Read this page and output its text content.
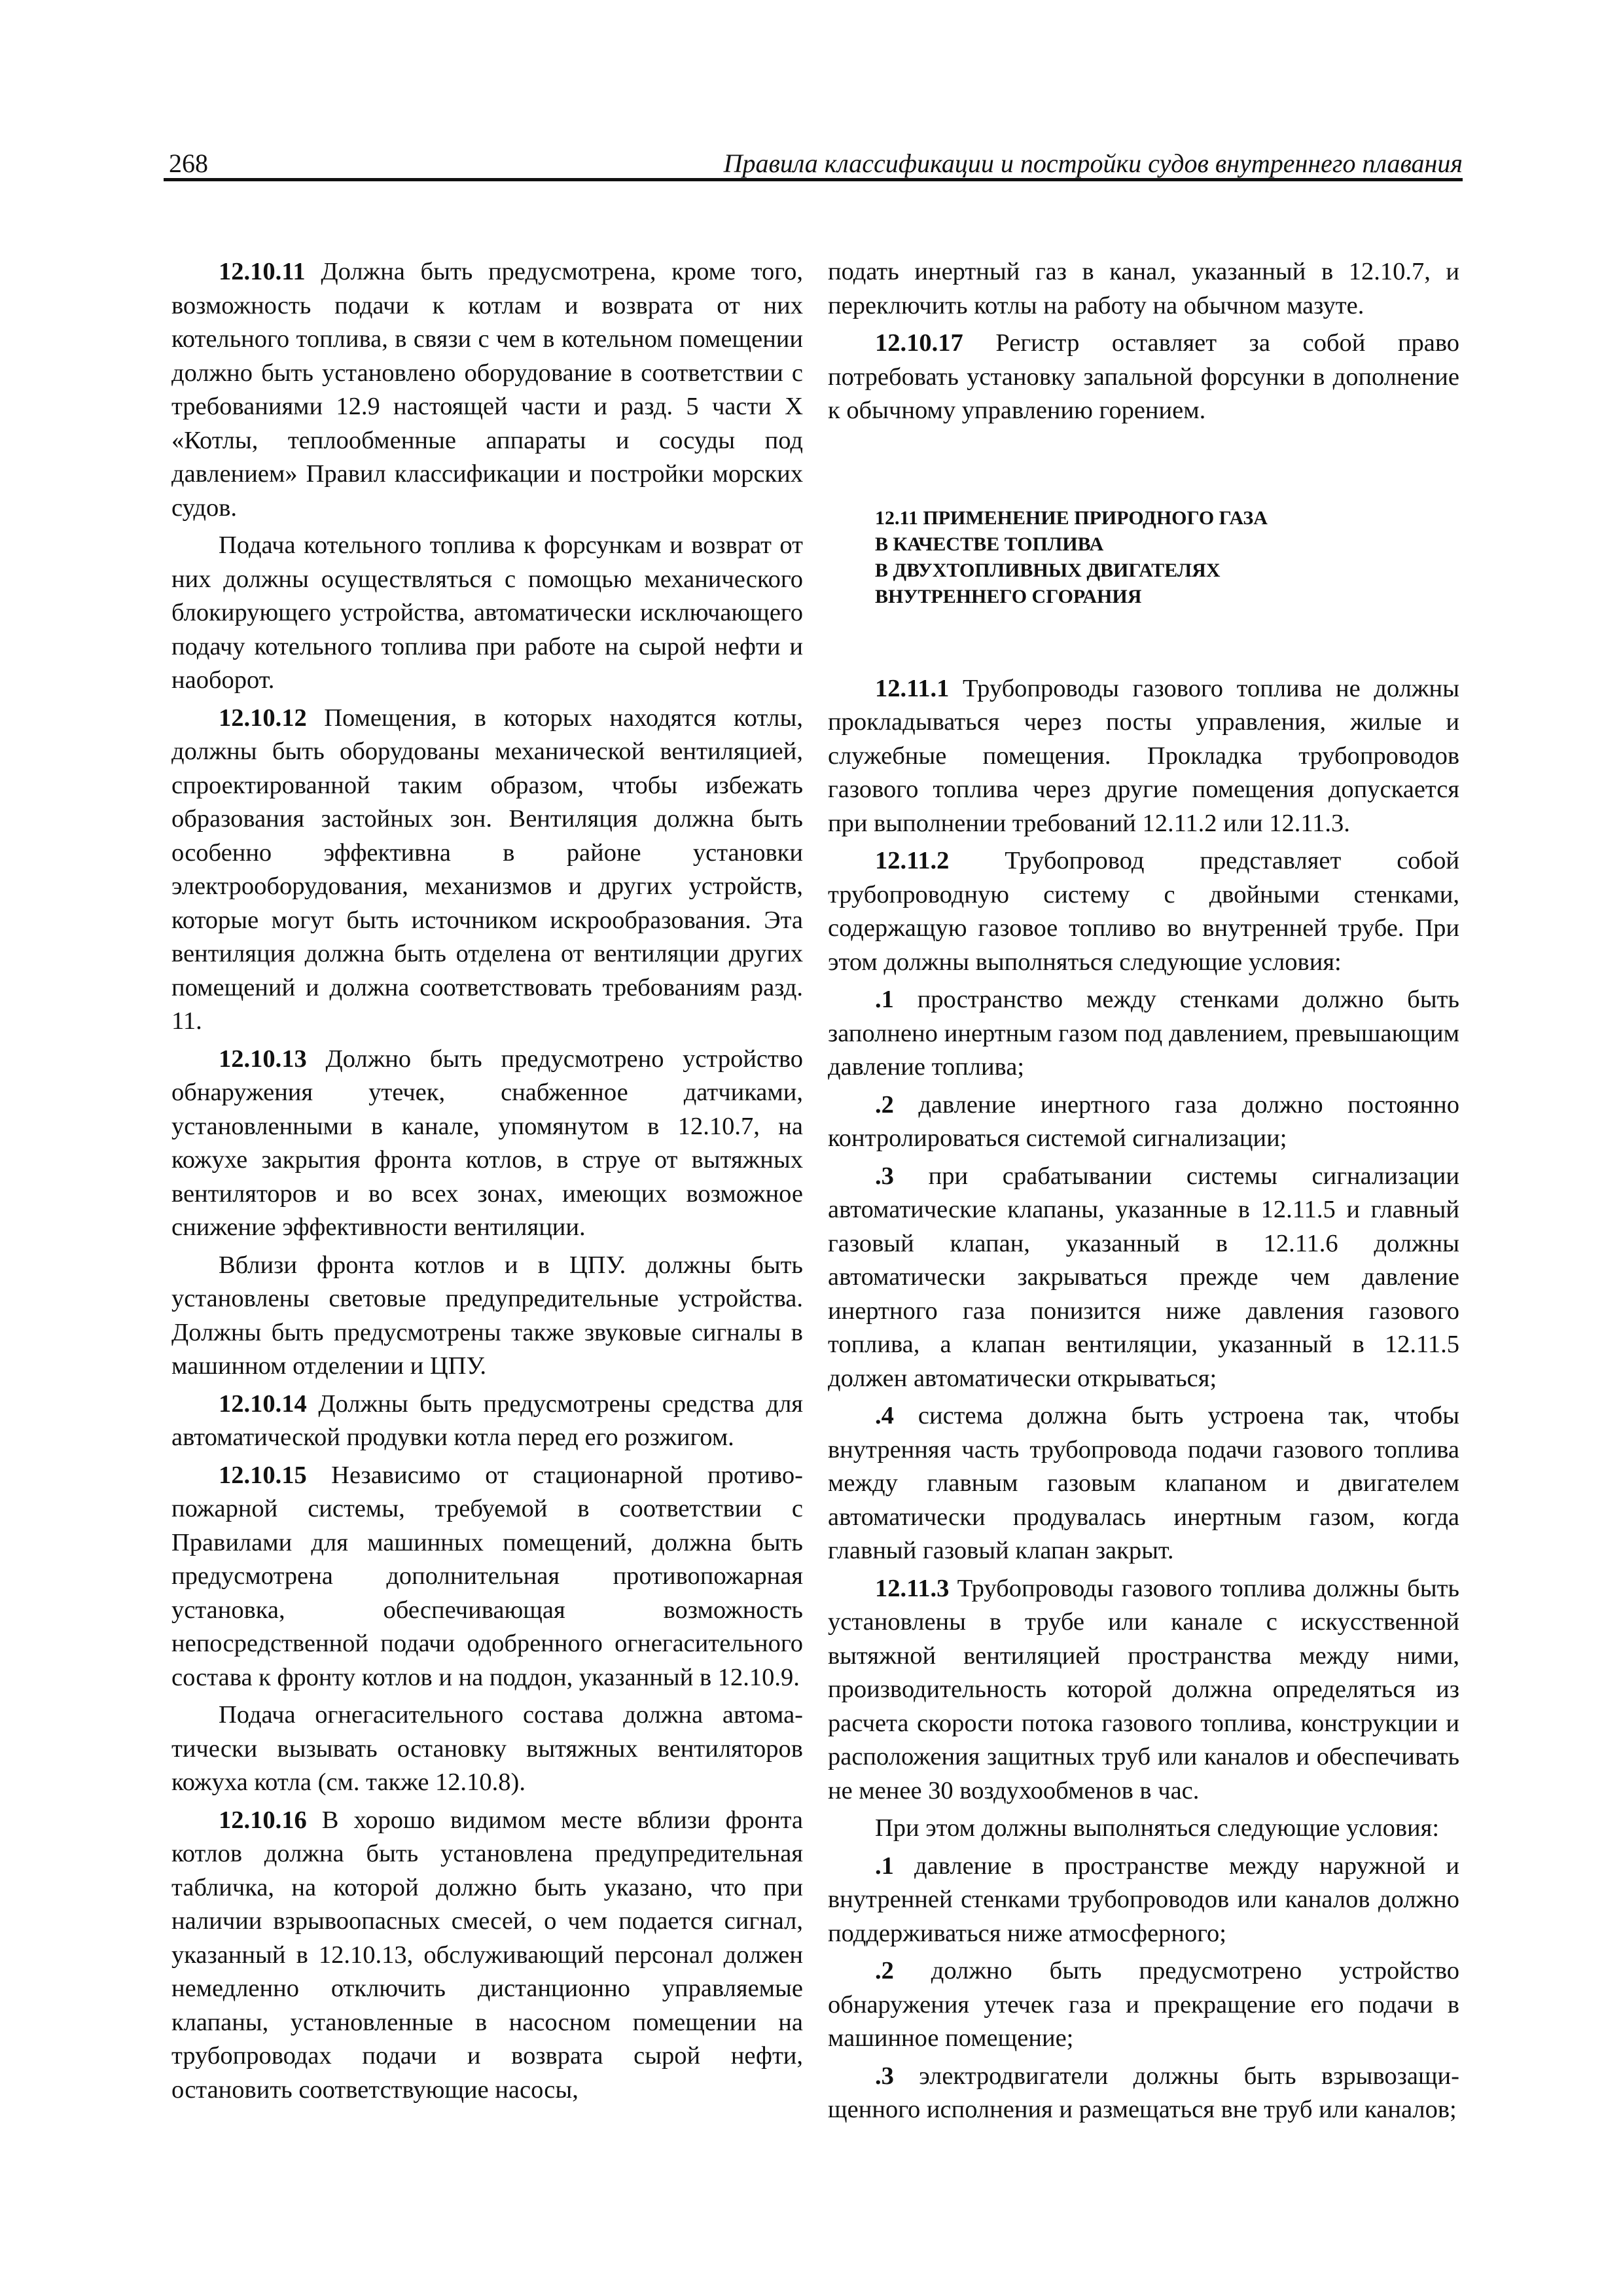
268	Правила классификации и постройки судов внутреннего плавания

12.10.11 Должна быть предусмотрена, кроме того, возможность подачи к котлам и возврата от них котельного топлива, в связи с чем в котельном помещении должно быть установлено оборудование в соответствии с требованиями 12.9 настоящей части и разд. 5 части X «Котлы, теплообменные аппараты и сосуды под давлением» Правил классификации и постройки морских судов.

Подача котельного топлива к форсункам и возврат от них должны осуществляться с помощью механического блокирующего устройства, автоматически исключающего подачу котельного топлива при работе на сырой нефти и наоборот.

12.10.12 Помещения, в которых находятся котлы, должны быть оборудованы механической вентиляцией, спроектированной таким образом, чтобы избежать образования застойных зон. Вентиляция должна быть особенно эффективна в районе установки электрооборудования, механизмов и других устройств, которые могут быть источником искрообразования. Эта вентиляция должна быть отделена от вентиляции других помещений и должна соответствовать требованиям разд. 11.

12.10.13 Должно быть предусмотрено устройство обнаружения утечек, снабженное датчиками, установленными в канале, упомянутом в 12.10.7, на кожухе закрытия фронта котлов, в струе от вытяжных вентиляторов и во всех зонах, имеющих возможное снижение эффективности вентиляции.

Вблизи фронта котлов и в ЦПУ. должны быть установлены световые предупредительные устройства. Должны быть предусмотрены также звуковые сигналы в машинном отделении и ЦПУ.

12.10.14 Должны быть предусмотрены средства для автоматической продувки котла перед его розжигом.

12.10.15 Независимо от стационарной противопожарной системы, требуемой в соответствии с Правилами для машинных помещений, должна быть предусмотрена дополнительная противопожарная установка, обеспечивающая возможность непосредственной подачи одобренного огнегасительного состава к фронту котлов и на поддон, указанный в 12.10.9.

Подача огнегасительного состава должна автоматически вызывать остановку вытяжных вентиляторов кожуха котла (см. также 12.10.8).

12.10.16 В хорошо видимом месте вблизи фронта котлов должна быть установлена предупредительная табличка, на которой должно быть указано, что при наличии взрывоопасных смесей, о чем подается сигнал, указанный в 12.10.13, обслуживающий персонал должен немедленно отключить дистанционно управляемые клапаны, установленные в насосном помещении на трубопроводах подачи и возврата сырой нефти, остановить соответствующие насосы,

подать инертный газ в канал, указанный в 12.10.7, и переключить котлы на работу на обычном мазуте.

12.10.17 Регистр оставляет за собой право потребовать установку запальной форсунки в дополнение к обычному управлению горением.

12.11 ПРИМЕНЕНИЕ ПРИРОДНОГО ГАЗА

В КАЧЕСТВЕ ТОПЛИВА

В ДВУХТОПЛИВНЫХ ДВИГАТЕЛЯХ

ВНУТРЕННЕГО СГОРАНИЯ

12.11.1 Трубопроводы газового топлива не должны прокладываться через посты управления, жилые и служебные помещения. Прокладка трубопроводов газового топлива через другие помещения допускается при выполнении требований 12.11.2 или 12.11.3.

12.11.2 Трубопровод представляет собой трубопроводную систему с двойными стенками, содержащую газовое топливо во внутренней трубе. При этом должны выполняться следующие условия:

.1 пространство между стенками должно быть заполнено инертным газом под давлением, превышающим давление топлива;

.2 давление инертного газа должно постоянно контролироваться системой сигнализации;

.3 при срабатывании системы сигнализации автоматические клапаны, указанные в 12.11.5 и главный газовый клапан, указанный в 12.11.6 должны автоматически закрываться прежде чем давление инертного газа понизится ниже давления газового топлива, а клапан вентиляции, указанный в 12.11.5 должен автоматически открываться;

.4 система должна быть устроена так, чтобы внутренняя часть трубопровода подачи газового топлива между главным газовым клапаном и двигателем автоматически продувалась инертным газом, когда главный газовый клапан закрыт.

12.11.3 Трубопроводы газового топлива должны быть установлены в трубе или канале с искусственной вытяжной вентиляцией пространства между ними, производительность которой должна определяться из расчета скорости потока газового топлива, конструкции и расположения защитных труб или каналов и обеспечивать не менее 30 воздухообменов в час.

При этом должны выполняться следующие условия:

.1 давление в пространстве между наружной и внутренней стенками трубопроводов или каналов должно поддерживаться ниже атмосферного;

.2 должно быть предусмотрено устройство обнаружения утечек газа и прекращение его подачи в машинное помещение;

.3 электродвигатели должны быть взрывозащищенного исполнения и размещаться вне труб или каналов;
